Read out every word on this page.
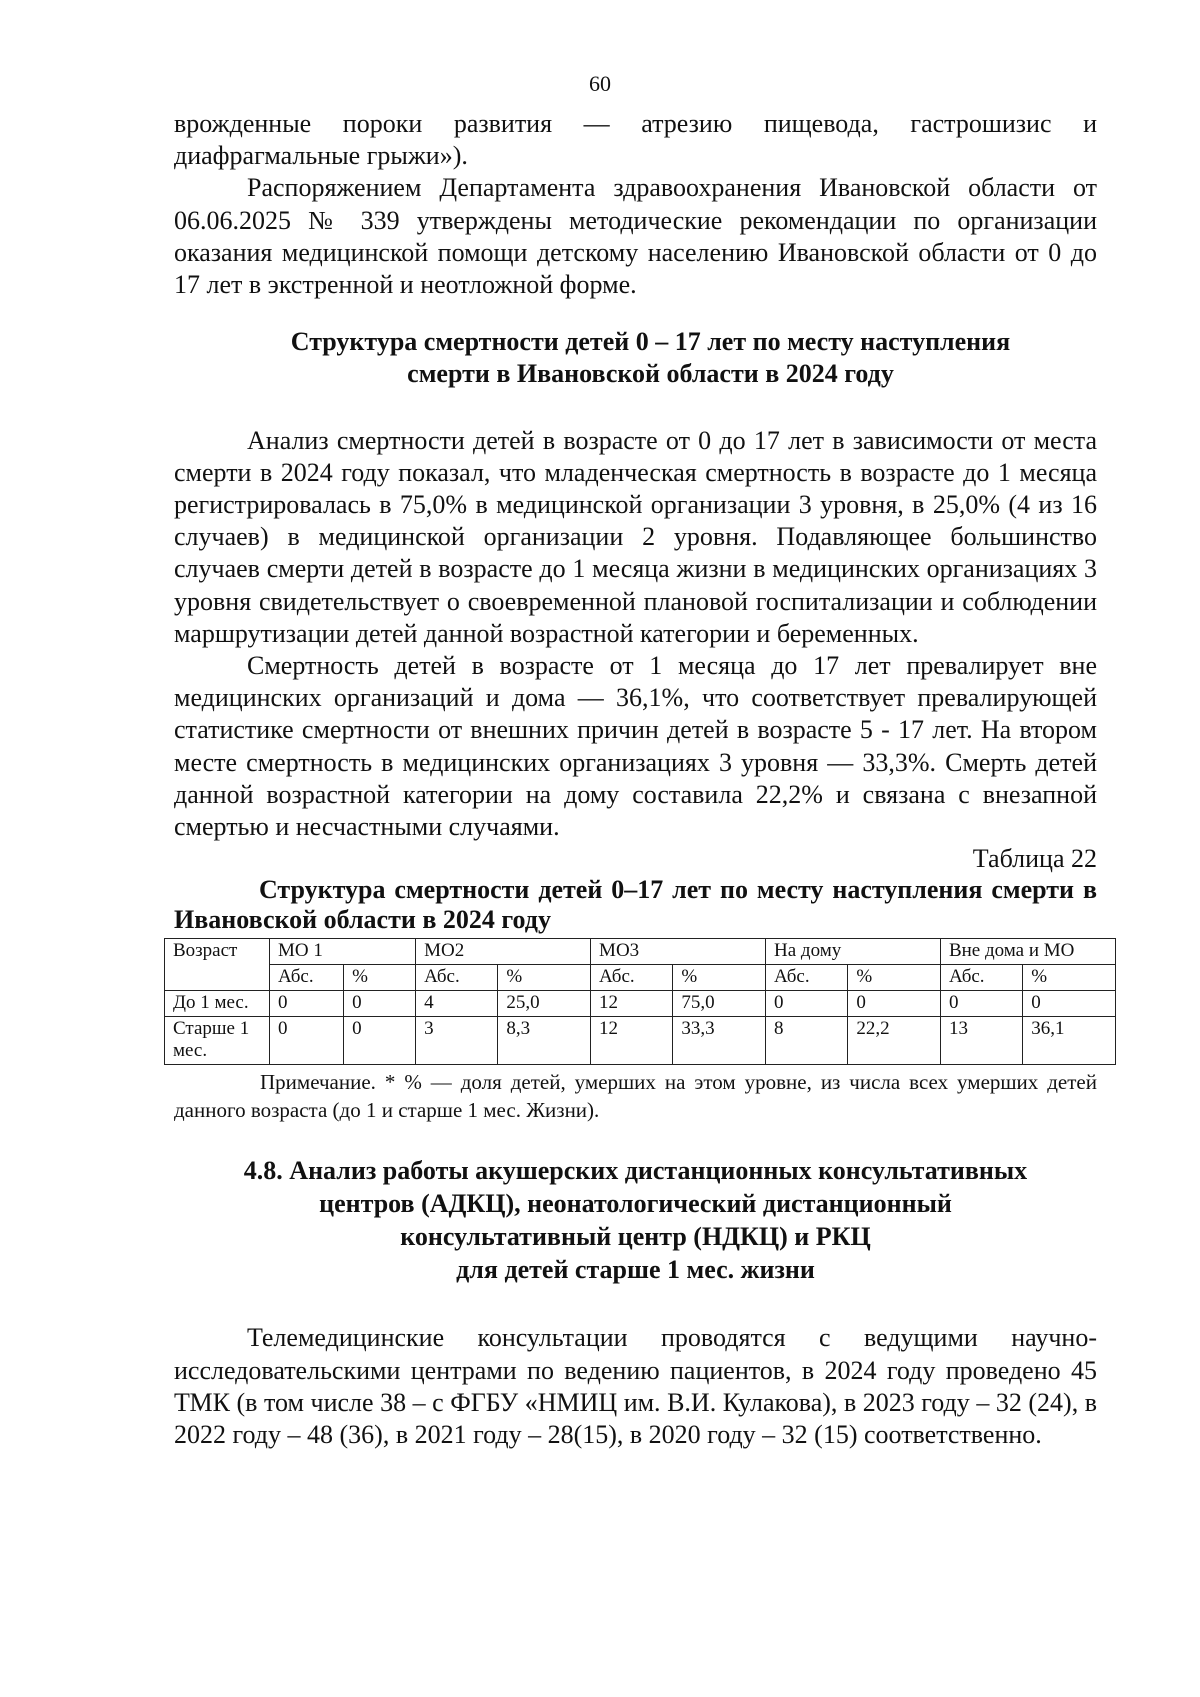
60

врожденные пороки развития — атрезию пищевода, гастрошизис и диафрагмальные грыжи»).

Распоряжением Департамента здравоохранения Ивановской области от 06.06.2025 № 339 утверждены методические рекомендации по организации оказания медицинской помощи детскому населению Ивановской области от 0 до 17 лет в экстренной и неотложной форме.

Структура смертности детей 0 – 17 лет по месту наступления

смерти в Ивановской области в 2024 году

Анализ смертности детей в возрасте от 0 до 17 лет в зависимости от места смерти в 2024 году показал, что младенческая смертность в возрасте до 1 месяца регистрировалась в 75,0% в медицинской организации 3 уровня, в 25,0% (4 из 16 случаев) в медицинской организации 2 уровня. Подавляющее большинство случаев смерти детей в возрасте до 1 месяца жизни в медицинских организациях 3 уровня свидетельствует о своевременной плановой госпитализации и соблюдении маршрутизации детей данной возрастной категории и беременных.

Смертность детей в возрасте от 1 месяца до 17 лет превалирует вне медицинских организаций и дома — 36,1%, что соответствует превалирующей статистике смертности от внешних причин детей в возрасте 5 - 17 лет. На втором месте смертность в медицинских организациях 3 уровня — 33,3%. Смерть детей данной возрастной категории на дому составила 22,2% и связана с внезапной смертью и несчастными случаями.

Таблица 22

Структура смертности детей 0–17 лет по месту наступления смерти в Ивановской области в 2024 году

Возраст	МО 1		МО2		МО3		На дому		Вне дома и МО	
	Абс.	%	Абс.	%	Абс.	%	Абс.	%	Абс.	%
До 1 мес.	0	0	4	25,0	12	75,0	0	0	0	0
Старше 1 мес.	0	0	3	8,3	12	33,3	8	22,2	13	36,1

Примечание. * % — доля детей, умерших на этом уровне, из числа всех умерших детей данного возраста (до 1 и старше 1 мес. Жизни).

4.8. Анализ работы акушерских дистанционных консультативных

центров (АДКЦ), неонатологический дистанционный

консультативный центр (НДКЦ) и РКЦ

для детей старше 1 мес. жизни

Телемедицинские консультации проводятся с ведущими научно-исследовательскими центрами по ведению пациентов, в 2024 году проведено 45 ТМК (в том числе 38 – с ФГБУ «НМИЦ им. В.И. Кулакова), в 2023 году – 32 (24), в 2022 году – 48 (36), в 2021 году – 28(15), в 2020 году – 32 (15) соответственно.
